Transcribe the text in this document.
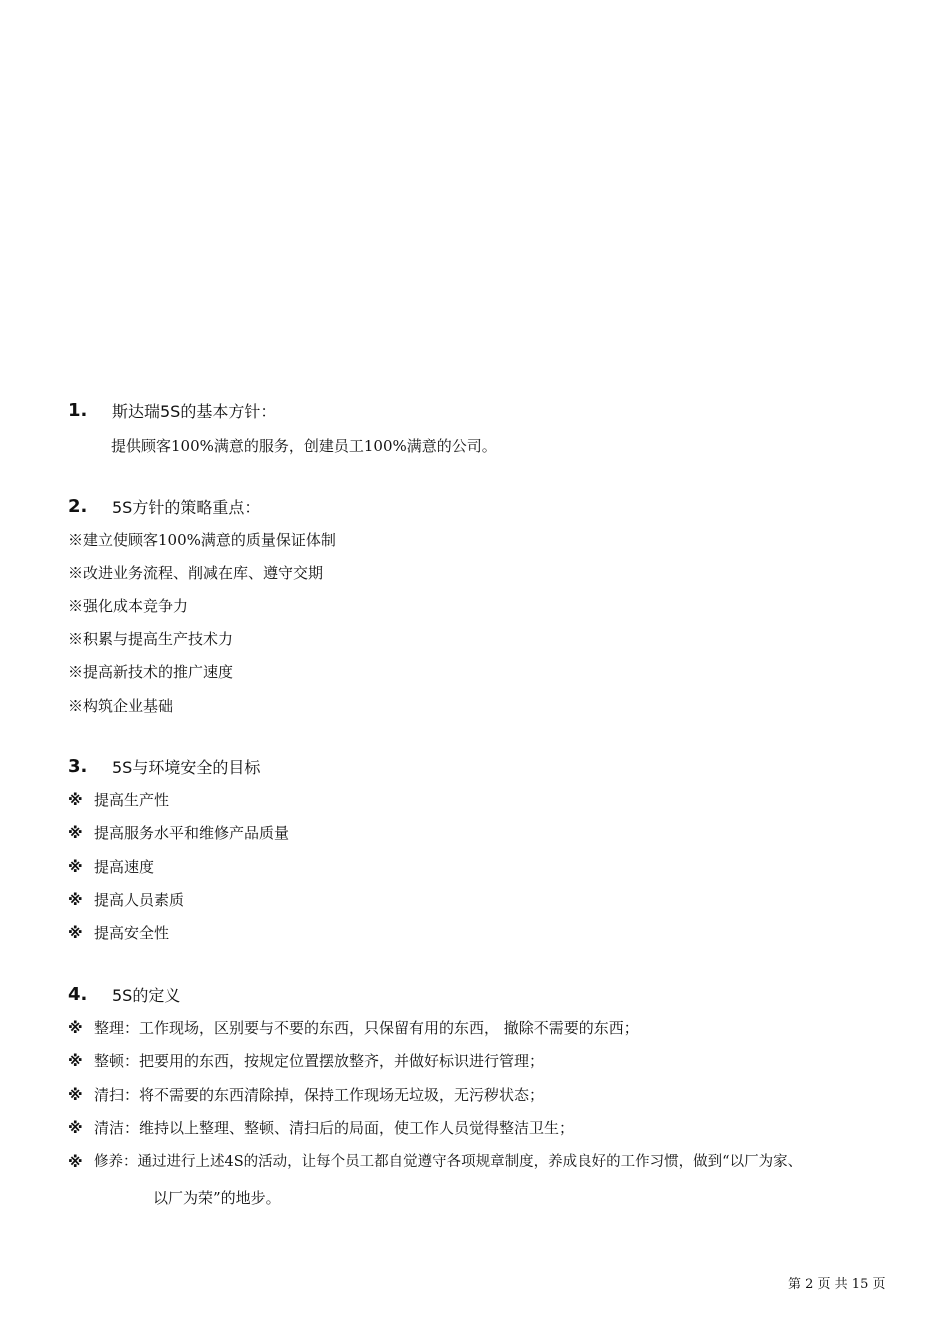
1.	斯达瑞5S的基本方针：
提供顾客100%满意的服务，创建员工100%满意的公司。
2.	5S方针的策略重点：
※建立使顾客100%满意的质量保证体制
※改进业务流程、削减在库、遵守交期
※强化成本竞争力
※积累与提高生产技术力
※提高新技术的推广速度
※构筑企业基础
3.	5S与环境安全的目标
※ 提高生产性
※ 提高服务水平和维修产品质量
※ 提高速度
※ 提高人员素质
※ 提高安全性
4.	5S的定义
※ 整理：工作现场，区别要与不要的东西，只保留有用的东西， 撤除不需要的东西；
※ 整顿：把要用的东西，按规定位置摆放整齐，并做好标识进行管理；
※ 清扫：将不需要的东西清除掉，保持工作现场无垃圾，无污秽状态；
※ 清洁：维持以上整理、整顿、清扫后的局面，使工作人员觉得整洁卫生；
※ 修养：通过进行上述4S的活动，让每个员工都自觉遵守各项规章制度，养成良好的工作习惯，做到“以厂为家、
以厂为荣”的地步。
第 2 页 共 15 页
